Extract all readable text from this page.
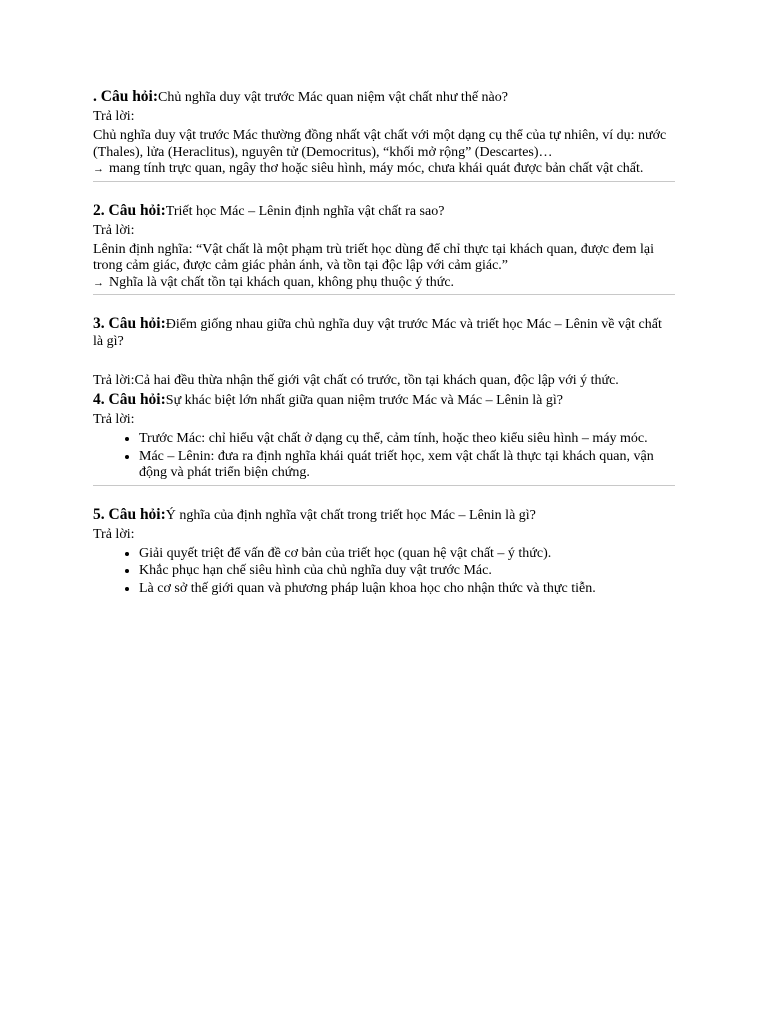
. Câu hỏi:Chủ nghĩa duy vật trước Mác quan niệm vật chất như thế nào?

Trả lời:

Chủ nghĩa duy vật trước Mác thường đồng nhất vật chất với một dạng cụ thể của tự nhiên, ví dụ: nước (Thales), lửa (Heraclitus), nguyên tử (Democritus), “khối mở rộng” (Descartes)…

→ mang tính trực quan, ngây thơ hoặc siêu hình, máy móc, chưa khái quát được bản chất vật chất.

2. Câu hỏi:Triết học Mác – Lênin định nghĩa vật chất ra sao?

Trả lời:

Lênin định nghĩa: “Vật chất là một phạm trù triết học dùng để chỉ thực tại khách quan, được đem lại trong cảm giác, được cảm giác phản ánh, và tồn tại độc lập với cảm giác.”

→ Nghĩa là vật chất tồn tại khách quan, không phụ thuộc ý thức.

3. Câu hỏi:Điểm giống nhau giữa chủ nghĩa duy vật trước Mác và triết học Mác – Lênin về vật chất là gì?

Trả lời:Cả hai đều thừa nhận thế giới vật chất có trước, tồn tại khách quan, độc lập với ý thức.

4. Câu hỏi:Sự khác biệt lớn nhất giữa quan niệm trước Mác và Mác – Lênin là gì?

Trả lời:

• Trước Mác: chỉ hiểu vật chất ở dạng cụ thể, cảm tính, hoặc theo kiểu siêu hình – máy móc.
• Mác – Lênin: đưa ra định nghĩa khái quát triết học, xem vật chất là thực tại khách quan, vận động và phát triển biện chứng.

5. Câu hỏi:Ý nghĩa của định nghĩa vật chất trong triết học Mác – Lênin là gì?

Trả lời:

• Giải quyết triệt để vấn đề cơ bản của triết học (quan hệ vật chất – ý thức).
• Khắc phục hạn chế siêu hình của chủ nghĩa duy vật trước Mác.
• Là cơ sở thế giới quan và phương pháp luận khoa học cho nhận thức và thực tiễn.
